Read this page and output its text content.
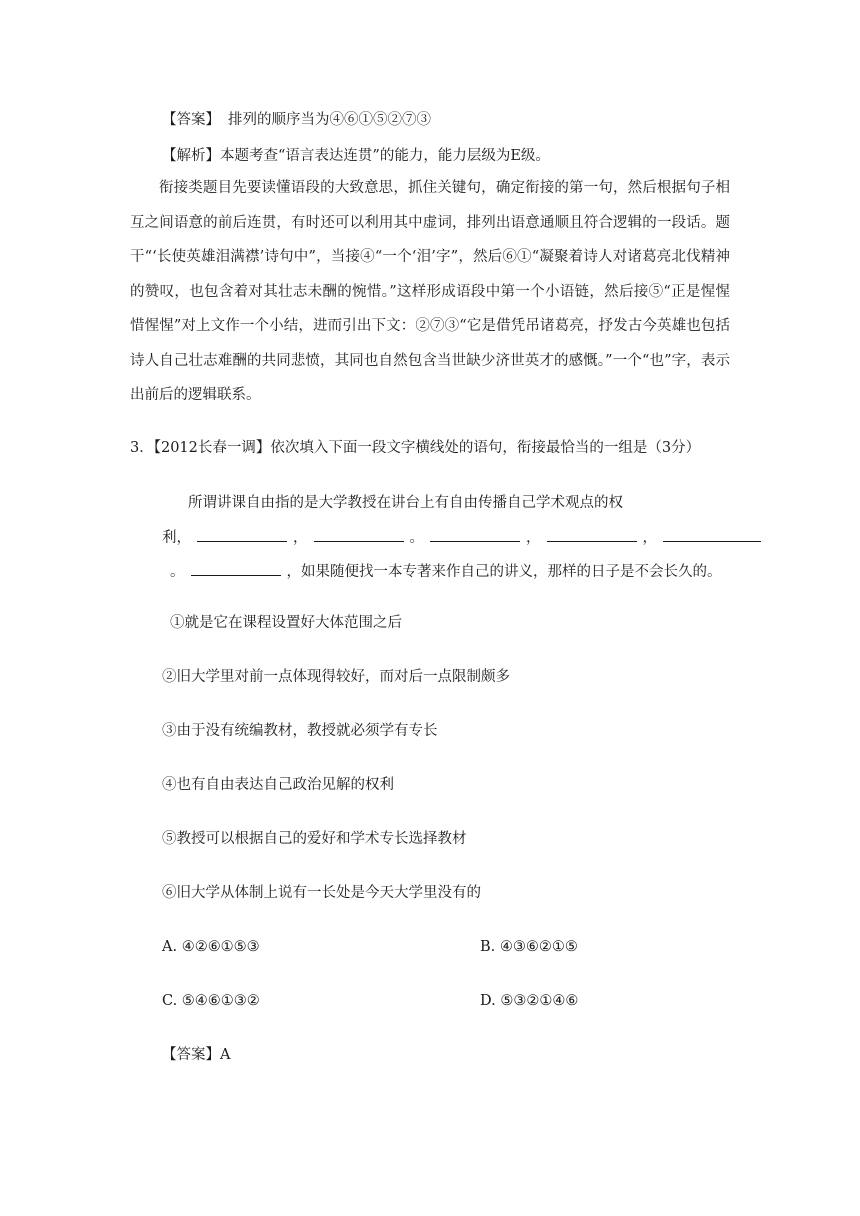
【答案】 排列的顺序当为④⑥①⑤②⑦③
【解析】本题考查“语言表达连贯”的能力，能力层级为E级。
衔接类题目先要读懂语段的大致意思，抓住关键句，确定衔接的第一句，然后根据句子相互之间语意的前后连贯，有时还可以利用其中虚词，排列出语意通顺且符合逻辑的一段话。题干“‘长使英雄泪满襟’诗句中”，当接④“一个‘泪’字”，然后⑥①“凝聚着诗人对诸葛亮北伐精神的赞叹，也包含着对其壮志未酬的惋惜。”这样形成语段中第一个小语链，然后接⑤“正是惺惺惜惺惺”对上文作一个小结，进而引出下文：②⑦③“它是借凭吊诸葛亮，抒发古今英雄也包括诗人自己壮志难酬的共同悲愤，其同也自然包含当世缺少济世英才的感慨。”一个“也”字，表示出前后的逻辑联系。
3．【2012长春一调】依次填入下面一段文字横线处的语句，衔接最恰当的一组是（3分）
所谓讲课自由指的是大学教授在讲台上有自由传播自己学术观点的权
利，	，	。	，	，
。	，如果随便找一本专著来作自己的讲义，那样的日子是不会长久的。
①就是它在课程设置好大体范围之后
②旧大学里对前一点体现得较好，而对后一点限制颇多
③由于没有统编教材，教授就必须学有专长
④也有自由表达自己政治见解的权利
⑤教授可以根据自己的爱好和学术专长选择教材
⑥旧大学从体制上说有一长处是今天大学里没有的
A. ④②⑥①⑤③	B. ④③⑥②①⑤
C. ⑤④⑥①③②	D. ⑤③②①④⑥
【答案】A
